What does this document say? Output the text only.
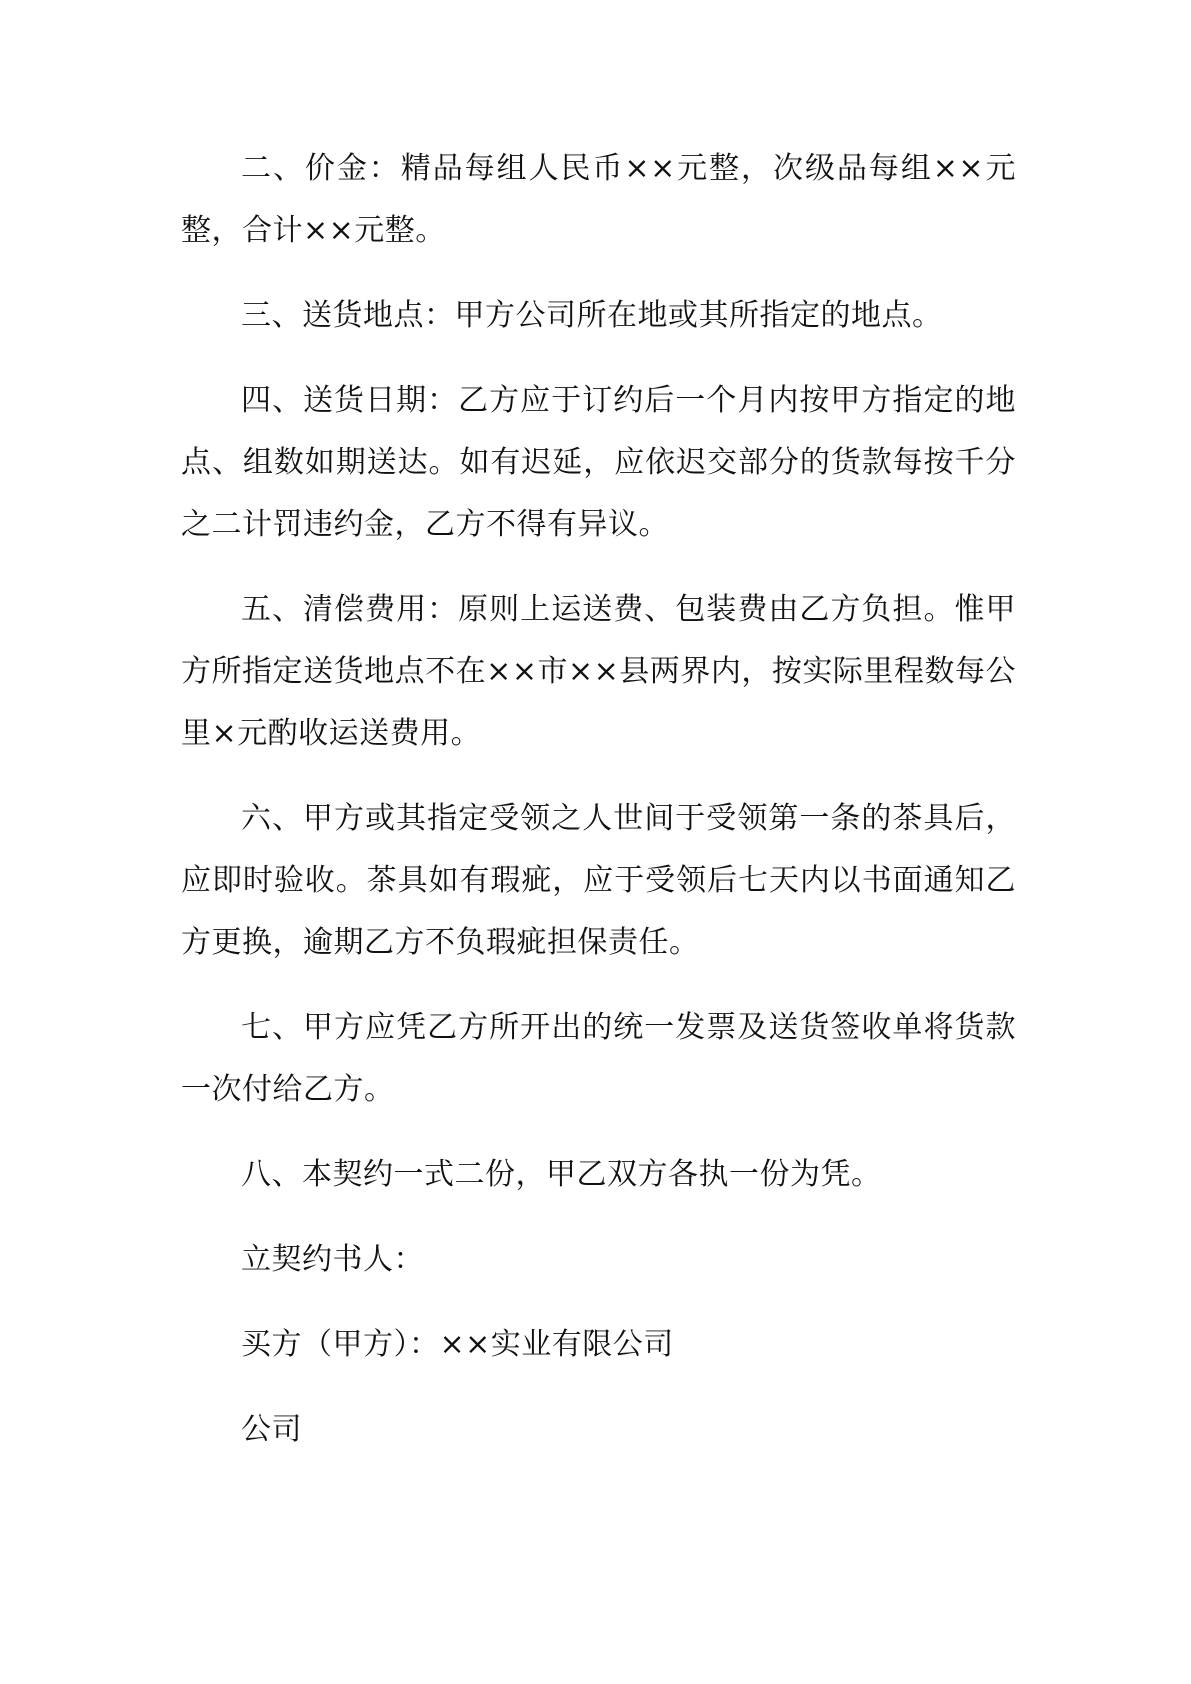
二、价金：精品每组人民币××元整，次级品每组××元整，合计××元整。

三、送货地点：甲方公司所在地或其所指定的地点。

四、送货日期：乙方应于订约后一个月内按甲方指定的地点、组数如期送达。如有迟延，应依迟交部分的货款每按千分之二计罚违约金，乙方不得有异议。

五、清偿费用：原则上运送费、包装费由乙方负担。惟甲方所指定送货地点不在××市××县两界内，按实际里程数每公里×元酌收运送费用。

六、甲方或其指定受领之人世间于受领第一条的茶具后，应即时验收。茶具如有瑕疵，应于受领后七天内以书面通知乙方更换，逾期乙方不负瑕疵担保责任。

七、甲方应凭乙方所开出的统一发票及送货签收单将货款一次付给乙方。

八、本契约一式二份，甲乙双方各执一份为凭。

立契约书人：

买方（甲方）：××实业有限公司

公司
